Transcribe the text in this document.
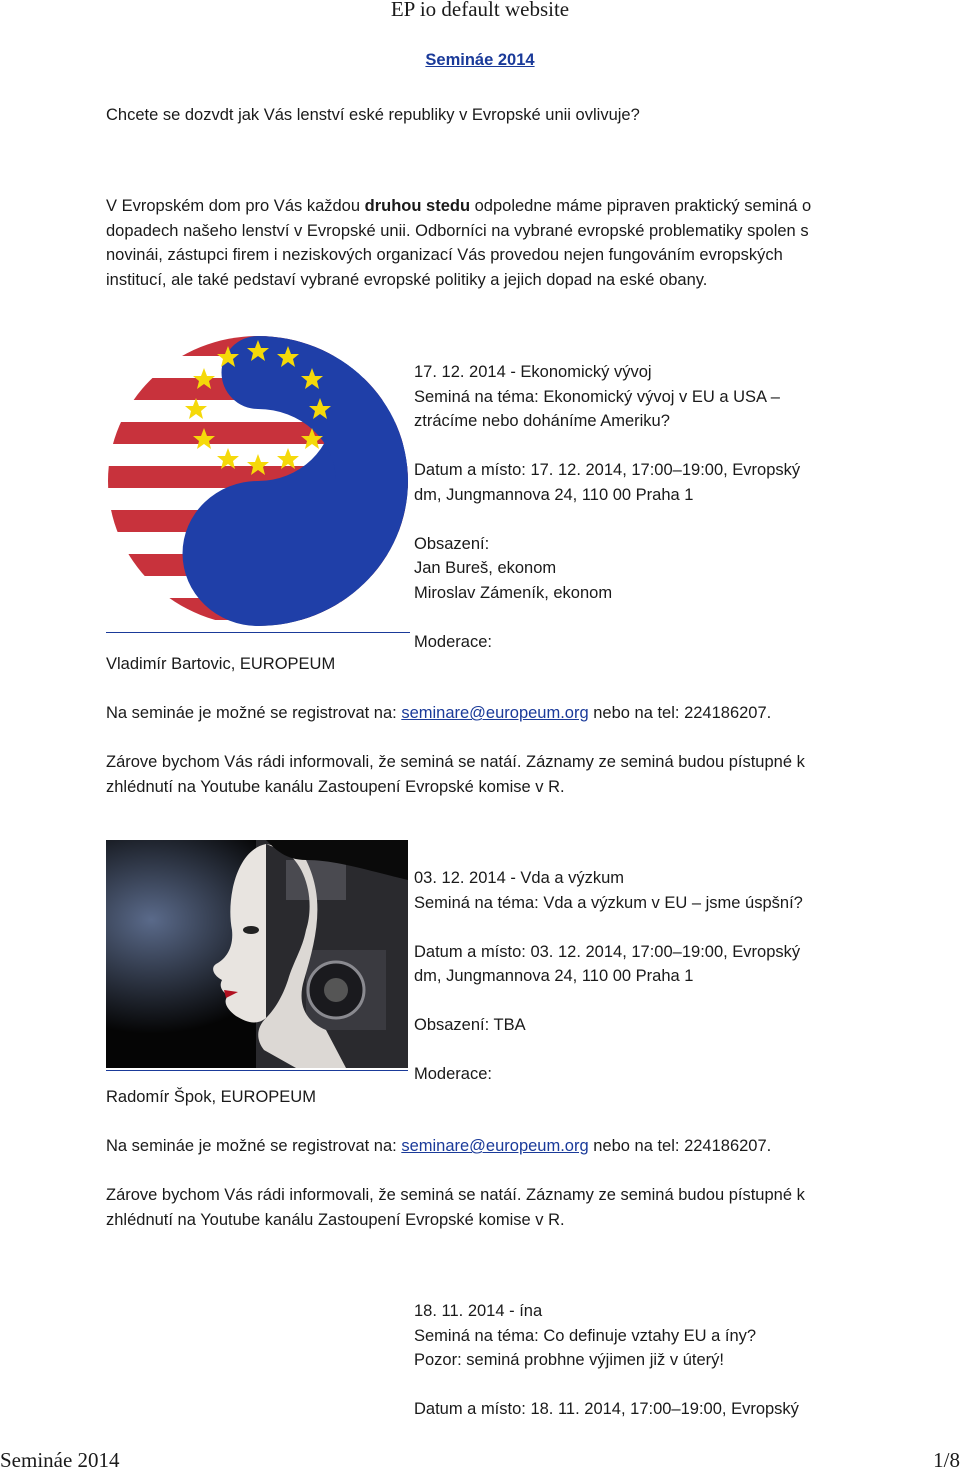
EP io default website
Semináe 2014
Chcete se dozvdt jak Vás lenství eské republiky v Evropské unii ovlivuje?
V Evropském dom pro Vás každou druhou stedu odpoledne máme pipraven praktický seminá o
dopadech našeho lenství v Evropské unii. Odborníci na vybrané evropské problematiky spolen s
novinái, zástupci firem i neziskových organizací Vás provedou nejen fungováním evropských
institucí, ale také pedstaví vybrané evropské politiky a jejich dopad na eské obany.
17. 12. 2014 - Ekonomický vývoj
Seminá na téma: Ekonomický vývoj v EU a USA –
ztrácíme nebo doháníme Ameriku?
Datum a místo: 17. 12. 2014, 17:00–19:00, Evropský
dm, Jungmannova 24, 110 00 Praha 1
Obsazení:
Jan Bureš, ekonom
Miroslav Zámeník, ekonom
Moderace:
Vladimír Bartovic, EUROPEUM
Na semináe je možné se registrovat na: seminare@europeum.org nebo na tel: 224186207.
Zárove bychom Vás rádi informovali, že seminá se natáí. Záznamy ze seminá budou pístupné k
zhlédnutí na Youtube kanálu Zastoupení Evropské komise v R.
03. 12. 2014 - Vda a výzkum
Seminá na téma: Vda a výzkum v EU – jsme úspšní?
Datum a místo: 03. 12. 2014, 17:00–19:00, Evropský
dm, Jungmannova 24, 110 00 Praha 1
Obsazení: TBA
Moderace:
Radomír Špok, EUROPEUM
Na semináe je možné se registrovat na: seminare@europeum.org nebo na tel: 224186207.
Zárove bychom Vás rádi informovali, že seminá se natáí. Záznamy ze seminá budou pístupné k
zhlédnutí na Youtube kanálu Zastoupení Evropské komise v R.
18. 11. 2014 - ína
Seminá na téma: Co definuje vztahy EU a íny?
Pozor: seminá probhne výjimen již v úterý!
Datum a místo: 18. 11. 2014, 17:00–19:00, Evropský
Semináe 2014	1/8
